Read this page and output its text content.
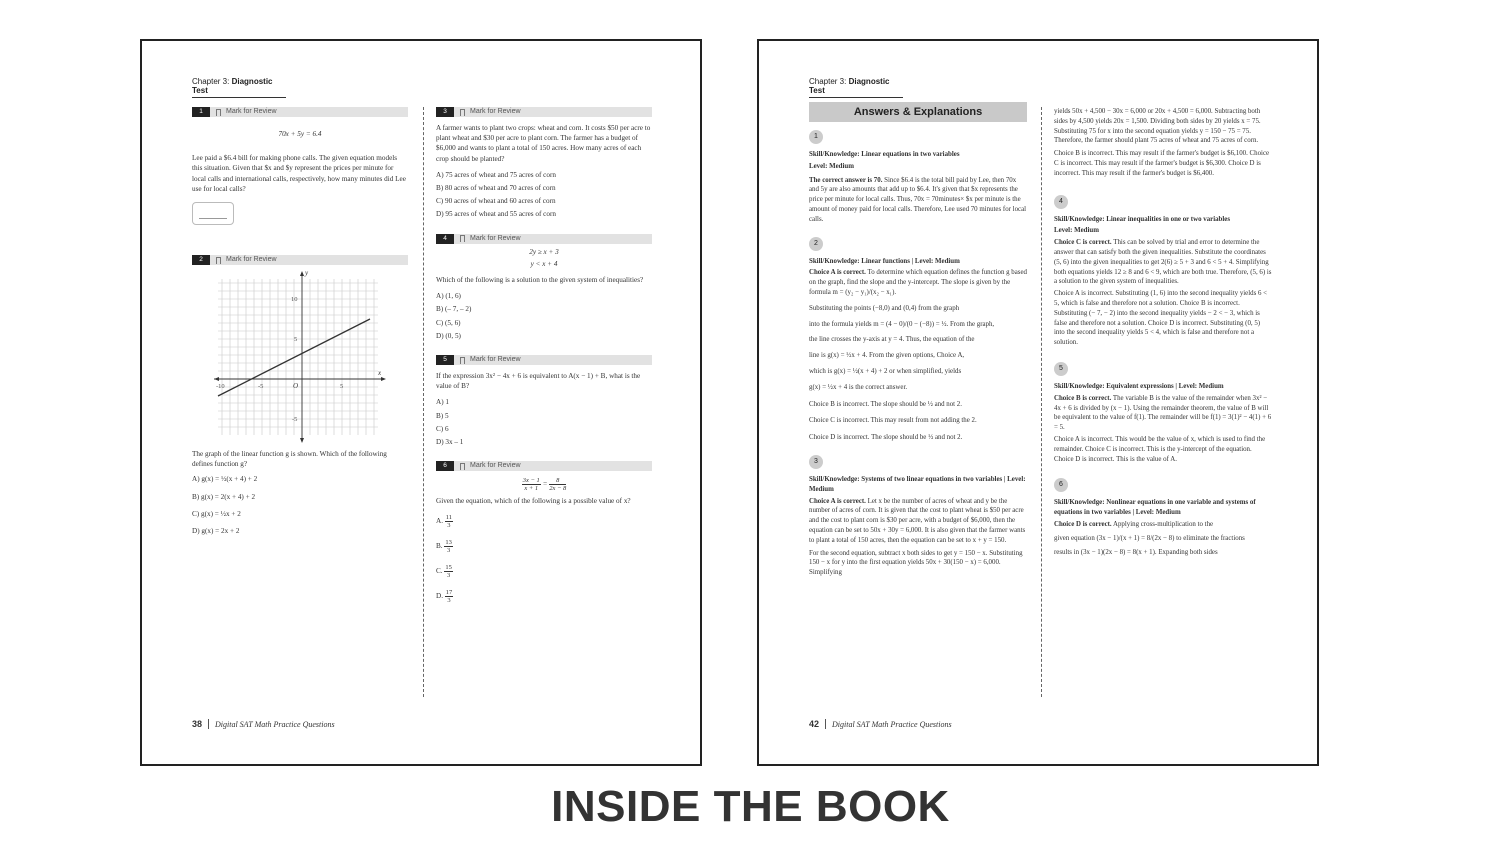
Chapter 3: Diagnostic Test
1	Mark for Review
70x + 5y = 6.4

Lee paid a $6.4 bill for making phone calls. The given equation models this situation. Given that $x and $y represent the prices per minute for local calls and international calls, respectively, how many minutes did Lee use for local calls?

2	Mark for Review
y
x
O
10
5
-5
-10	-5	5

The graph of the linear function g is shown. Which of the following defines function g?

A) g(x) = ½(x + 4) + 2
B) g(x) = 2(x + 4) + 2
C) g(x) = ½x + 2
D) g(x) = 2x + 2
3	Mark for Review

A farmer wants to plant two crops: wheat and corn. It costs $50 per acre to plant wheat and $30 per acre to plant corn. The farmer has a budget of $6,000 and wants to plant a total of 150 acres. How many acres of each crop should be planted?

A) 75 acres of wheat and 75 acres of corn
B) 80 acres of wheat and 70 acres of corn
C) 90 acres of wheat and 60 acres of corn
D) 95 acres of wheat and 55 acres of corn
4	Mark for Review
2y ≥ x + 3
y < x + 4

Which of the following is a solution to the given system of inequalities?

A) (1, 6)
B) (– 7, – 2)
C) (5, 6)
D) (0, 5)
5	Mark for Review

If the expression 3x² − 4x + 6 is equivalent to A(x − 1) + B, what is the value of B?

A) 1
B) 5
C) 6
D) 3x – 1
6	Mark for Review
$\frac{3x - 1}{x + 1} = \frac{8}{2x - 8}$

Given the equation, which of the following is a possible value of x?

A. $\frac{11}{3}$
B. $\frac{13}{3}$
C. $\frac{15}{3}$
D. $\frac{17}{3}$
38	Digital SAT Math Practice Questions
Chapter 3: Diagnostic Test
Answers & Explanations
1

Skill/Knowledge: Linear equations in two variables

Level: Medium

The correct answer is 70. Since $6.4 is the total bill paid by Lee, then 70x and 5y are also amounts that add up to $6.4. It's given that $x represents the price per minute for local calls. Thus, 70x = 70minutes× $x per minute is the amount of money paid for local calls. Therefore, Lee used 70 minutes for local calls.

2

Skill/Knowledge: Linear functions | Level: Medium

Choice A is correct. To determine which equation defines the function g based on the graph, find the slope and the y-intercept. The slope is given by the formula m = (y₂ − y₁)/(x₂ − x₁).

Substituting the points (−8,0) and (0,4) from the graph

into the formula yields m = (4 − 0)/(0 − (−8)) = ½. From the graph,

the line crosses the y-axis at y = 4. Thus, the equation of the

line is g(x) = ½x + 4. From the given options, Choice A,

which is g(x) = ½(x + 4) + 2 or when simplified, yields

g(x) = ½x + 4 is the correct answer.

Choice B is incorrect. The slope should be ½ and not 2.

Choice C is incorrect. This may result from not adding the 2.

Choice D is incorrect. The slope should be ½ and not 2.

3

Skill/Knowledge: Systems of two linear equations in two variables | Level: Medium

Choice A is correct. Let x be the number of acres of wheat and y be the number of acres of corn. It is given that the cost to plant wheat is $50 per acre and the cost to plant corn is $30 per acre, with a budget of $6,000, then the equation can be set to 50x + 30y = 6,000. It is also given that the farmer wants to plant a total of 150 acres, then the equation can be set to x + y = 150.

For the second equation, subtract x both sides to get y = 150 − x. Substituting 150 − x for y into the first equation yields 50x + 30(150 − x) = 6,000. Simplifying

yields 50x + 4,500 − 30x = 6,000 or 20x + 4,500 = 6,000. Subtracting both sides by 4,500 yields 20x = 1,500. Dividing both sides by 20 yields x = 75. Substituting 75 for x into the second equation yields y = 150 − 75 = 75. Therefore, the farmer should plant 75 acres of wheat and 75 acres of corn.

Choice B is incorrect. This may result if the farmer's budget is $6,100. Choice C is incorrect. This may result if the farmer's budget is $6,300. Choice D is incorrect. This may result if the farmer's budget is $6,400.

4

Skill/Knowledge: Linear inequalities in one or two variables

Level: Medium

Choice C is correct. This can be solved by trial and error to determine the answer that can satisfy both the given inequalities. Substitute the coordinates (5, 6) into the given inequalities to get 2(6) ≥ 5 + 3 and 6 < 5 + 4. Simplifying both equations yields 12 ≥ 8 and 6 < 9, which are both true. Therefore, (5, 6) is a solution to the given system of inequalities.

Choice A is incorrect. Substituting (1, 6) into the second inequality yields 6 < 5, which is false and therefore not a solution. Choice B is incorrect. Substituting (− 7, − 2) into the second inequality yields − 2 < − 3, which is false and therefore not a solution. Choice D is incorrect. Substituting (0, 5) into the second inequality yields 5 < 4, which is false and therefore not a solution.

5

Skill/Knowledge: Equivalent expressions | Level: Medium

Choice B is correct. The variable B is the value of the remainder when 3x² − 4x + 6 is divided by (x − 1). Using the remainder theorem, the value of B will be equivalent to the value of f(1). The remainder will be f(1) = 3(1)² − 4(1) + 6 = 5.

Choice A is incorrect. This would be the value of x, which is used to find the remainder. Choice C is incorrect. This is the y-intercept of the equation. Choice D is incorrect. This is the value of A.

6

Skill/Knowledge: Nonlinear equations in one variable and systems of equations in two variables | Level: Medium

Choice D is correct. Applying cross-multiplication to the

given equation (3x − 1)/(x + 1) = 8/(2x − 8) to eliminate the fractions

results in (3x − 1)(2x − 8) = 8(x + 1). Expanding both sides

42	Digital SAT Math Practice Questions
INSIDE THE BOOK
